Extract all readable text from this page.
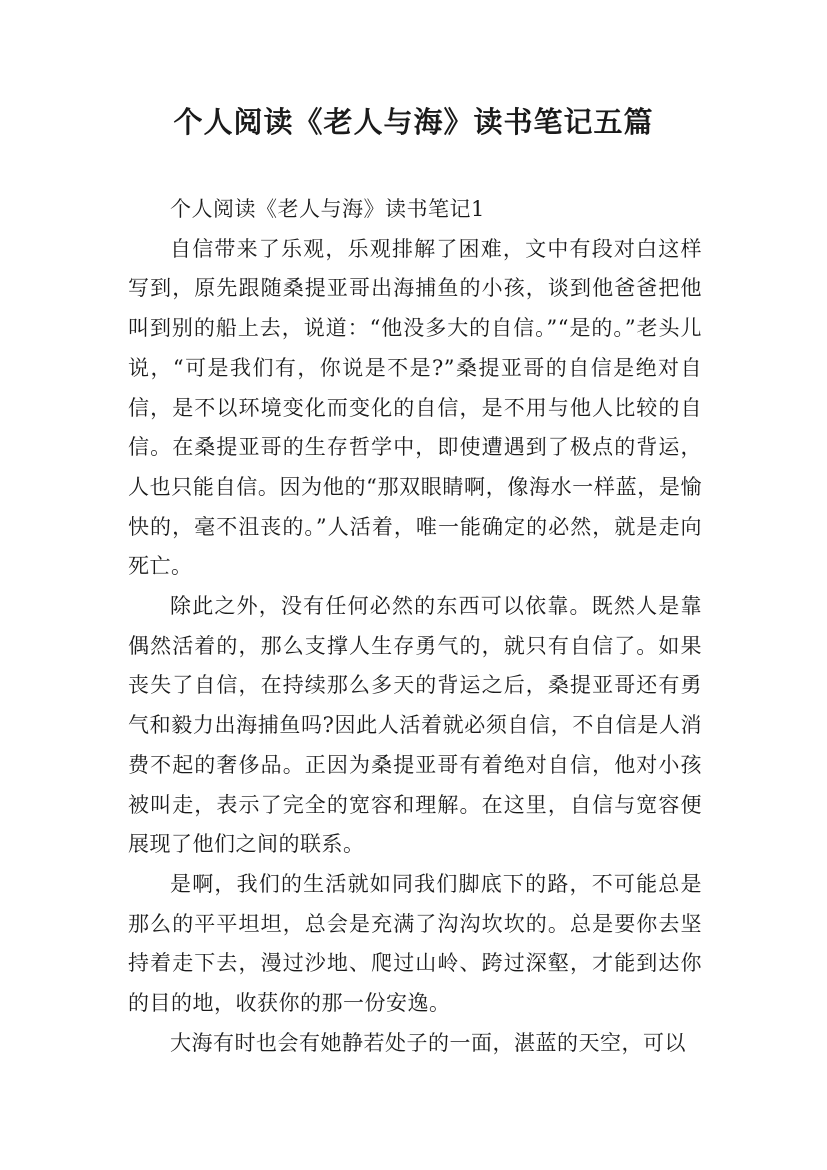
个人阅读《老人与海》读书笔记五篇
个人阅读《老人与海》读书笔记1

自信带来了乐观，乐观排解了困难，文中有段对白这样写到，原先跟随桑提亚哥出海捕鱼的小孩，谈到他爸爸把他叫到别的船上去，说道：“他没多大的自信。”“是的。”老头儿说，“可是我们有，你说是不是?”桑提亚哥的自信是绝对自信，是不以环境变化而变化的自信，是不用与他人比较的自信。在桑提亚哥的生存哲学中，即使遭遇到了极点的背运，人也只能自信。因为他的“那双眼睛啊，像海水一样蓝，是愉快的，毫不沮丧的。”人活着，唯一能确定的必然，就是走向死亡。

除此之外，没有任何必然的东西可以依靠。既然人是靠偶然活着的，那么支撑人生存勇气的，就只有自信了。如果丧失了自信，在持续那么多天的背运之后，桑提亚哥还有勇气和毅力出海捕鱼吗?因此人活着就必须自信，不自信是人消费不起的奢侈品。正因为桑提亚哥有着绝对自信，他对小孩被叫走，表示了完全的宽容和理解。在这里，自信与宽容便展现了他们之间的联系。

是啊，我们的生活就如同我们脚底下的路，不可能总是那么的平平坦坦，总会是充满了沟沟坎坎的。总是要你去坚持着走下去，漫过沙地、爬过山岭、跨过深壑，才能到达你的目的地，收获你的那一份安逸。

大海有时也会有她静若处子的一面，湛蓝的天空，可以
